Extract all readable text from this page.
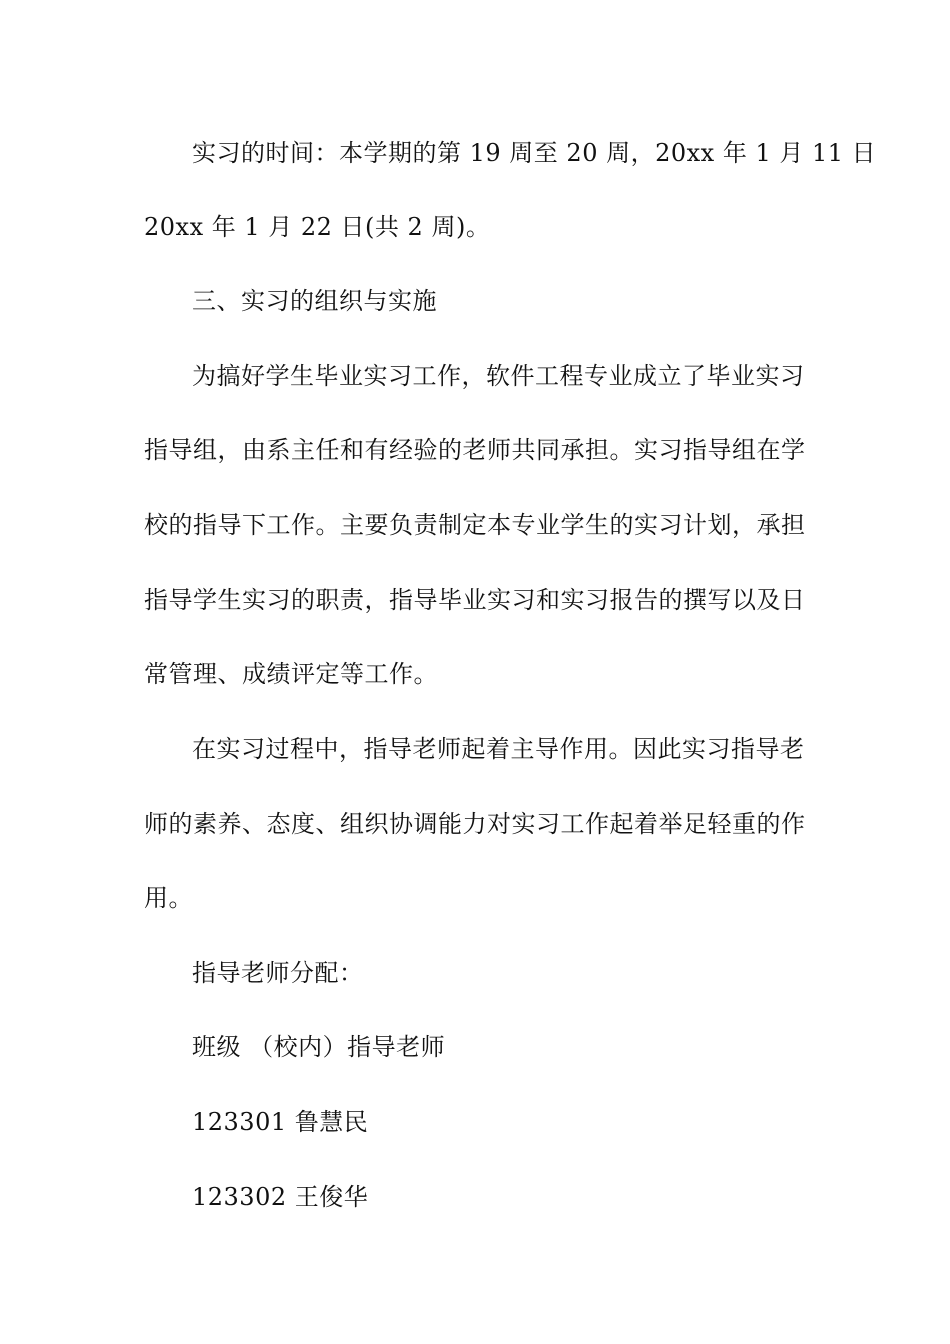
实习的时间：本学期的第 19 周至 20 周，20xx 年 1 月 11 日

20xx 年 1 月 22 日(共 2 周)。

三、实习的组织与实施

为搞好学生毕业实习工作，软件工程专业成立了毕业实习

指导组，由系主任和有经验的老师共同承担。实习指导组在学

校的指导下工作。主要负责制定本专业学生的实习计划，承担

指导学生实习的职责，指导毕业实习和实习报告的撰写以及日

常管理、成绩评定等工作。

在实习过程中，指导老师起着主导作用。因此实习指导老

师的素养、态度、组织协调能力对实习工作起着举足轻重的作

用。

指导老师分配：

班级 （校内）指导老师

123301 鲁慧民

123302 王俊华
